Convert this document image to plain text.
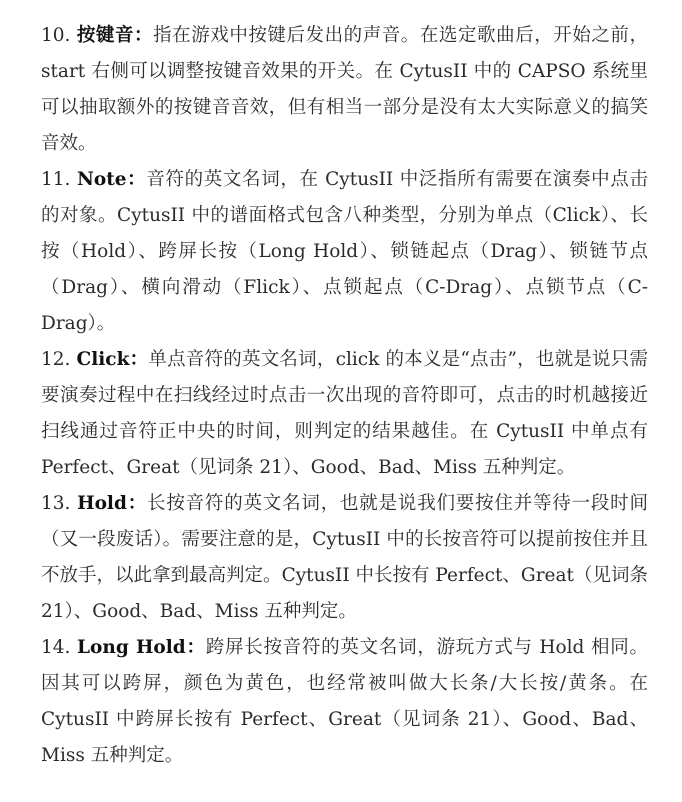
10. 按键音：指在游戏中按键后发出的声音。在选定歌曲后，开始之前，start 右侧可以调整按键音效果的开关。在 CytusII 中的 CAPSO 系统里可以抽取额外的按键音音效，但有相当一部分是没有太大实际意义的搞笑音效。

11. Note：音符的英文名词，在 CytusII 中泛指所有需要在演奏中点击的对象。CytusII 中的谱面格式包含八种类型，分别为单点（Click）、长按（Hold）、跨屏长按（Long Hold）、锁链起点（Drag）、锁链节点（Drag）、横向滑动（Flick）、点锁起点（C-Drag）、点锁节点（C-Drag）。

12. Click：单点音符的英文名词，click 的本义是“点击”，也就是说只需要演奏过程中在扫线经过时点击一次出现的音符即可，点击的时机越接近扫线通过音符正中央的时间，则判定的结果越佳。在 CytusII 中单点有 Perfect、Great（见词条 21）、Good、Bad、Miss 五种判定。

13. Hold：长按音符的英文名词，也就是说我们要按住并等待一段时间（又一段废话）。需要注意的是，CytusII 中的长按音符可以提前按住并且不放手，以此拿到最高判定。CytusII 中长按有 Perfect、Great（见词条 21）、Good、Bad、Miss 五种判定。

14. Long Hold：跨屏长按音符的英文名词，游玩方式与 Hold 相同。因其可以跨屏，颜色为黄色，也经常被叫做大长条/大长按/黄条。在 CytusII 中跨屏长按有 Perfect、Great（见词条 21）、Good、Bad、Miss 五种判定。
